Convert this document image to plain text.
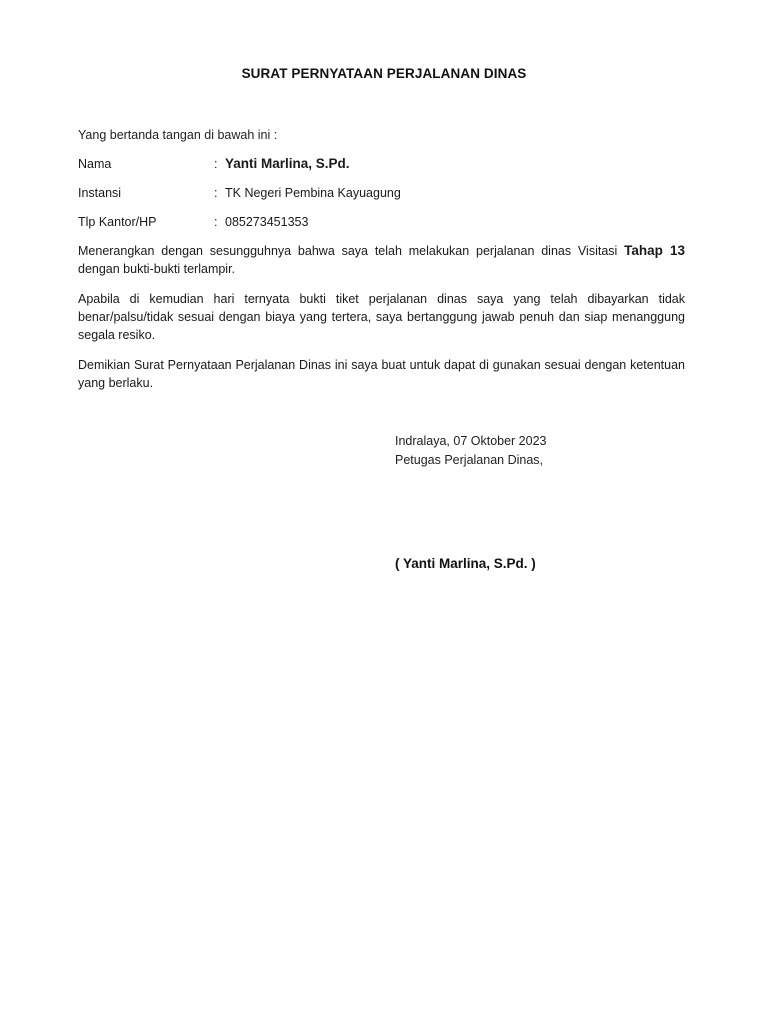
SURAT PERNYATAAN PERJALANAN DINAS
Yang bertanda tangan di bawah ini :
Nama	: Yanti Marlina, S.Pd.
Instansi	: TK Negeri Pembina Kayuagung
Tlp Kantor/HP	: 085273451353
Menerangkan dengan sesungguhnya bahwa saya telah melakukan perjalanan dinas Visitasi Tahap 13 dengan bukti-bukti terlampir.
Apabila di kemudian hari ternyata bukti tiket perjalanan dinas saya yang telah dibayarkan tidak benar/palsu/tidak sesuai dengan biaya yang tertera, saya bertanggung jawab penuh dan siap menanggung segala resiko.
Demikian Surat Pernyataan Perjalanan Dinas ini saya buat untuk dapat di gunakan sesuai dengan ketentuan yang berlaku.
Indralaya, 07 Oktober 2023
Petugas Perjalanan Dinas,
( Yanti Marlina, S.Pd. )
